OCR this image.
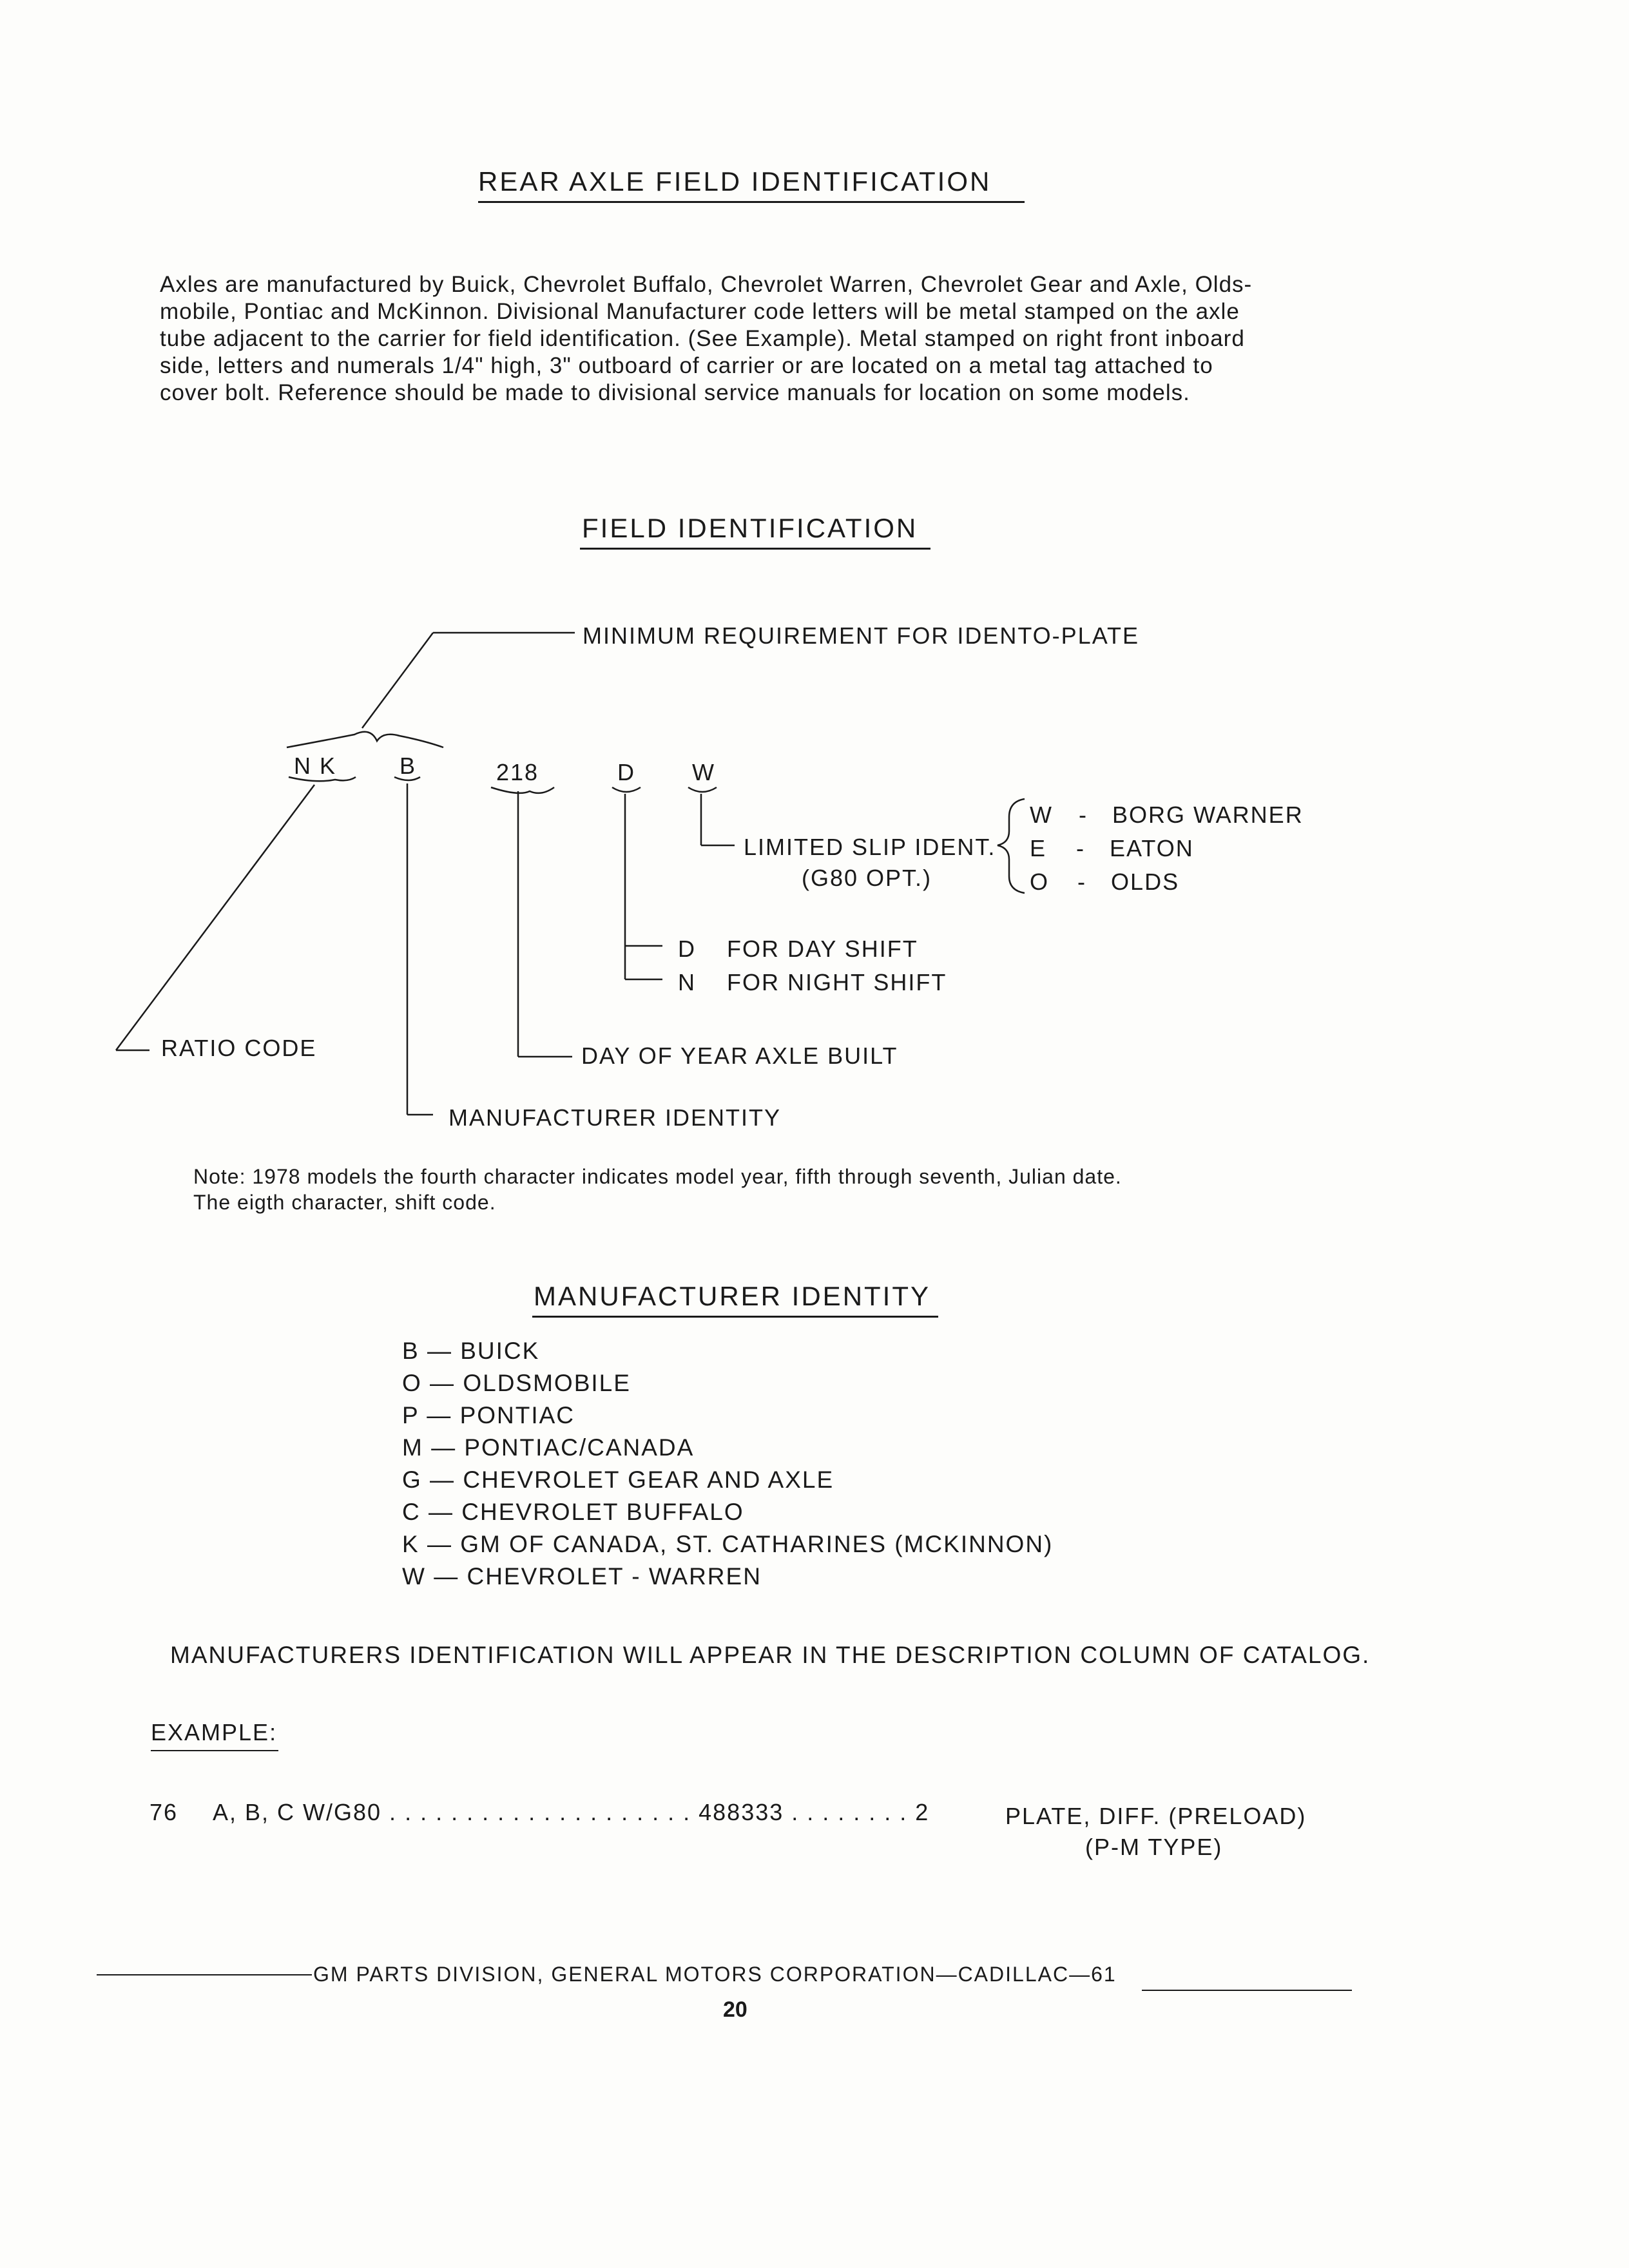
REAR AXLE FIELD IDENTIFICATION
Axles are manufactured by Buick, Chevrolet Buffalo, Chevrolet Warren, Chevrolet Gear and Axle, Olds-
mobile, Pontiac and McKinnon. Divisional Manufacturer code letters will be metal stamped on the axle
tube adjacent to the carrier for field identification. (See Example). Metal stamped on right front inboard
side, letters and numerals 1/4" high, 3" outboard of carrier or are located on a metal tag attached to
cover bolt. Reference should be made to divisional service manuals for location on some models.
FIELD IDENTIFICATION
MINIMUM REQUIREMENT FOR IDENTO-PLATE
N K	B	218	D W
LIMITED SLIP IDENT.
(G80 OPT.)
W - BORG WARNER
E - EATON
O - OLDS
D    FOR DAY SHIFT
N    FOR NIGHT SHIFT
RATIO CODE	DAY OF YEAR AXLE BUILT
MANUFACTURER IDENTITY
Note: 1978 models the fourth character indicates model year, fifth through seventh, Julian date.
The eigth character, shift code.
MANUFACTURER IDENTITY
B — BUICK
O — OLDSMOBILE
P — PONTIAC
M — PONTIAC/CANADA
G — CHEVROLET GEAR AND AXLE
C — CHEVROLET BUFFALO
K — GM OF CANADA, ST. CATHARINES (MCKINNON)
W — CHEVROLET - WARREN
MANUFACTURERS IDENTIFICATION WILL APPEAR IN THE DESCRIPTION COLUMN OF CATALOG.
EXAMPLE:
76 A, B, C W/G80 . . . . . . . . . . . . . . . . . . . . 488333 . . . . . . . . 2	PLATE, DIFF. (PRELOAD)
(P-M TYPE)
GM PARTS DIVISION, GENERAL MOTORS CORPORATION—CADILLAC—61
20
